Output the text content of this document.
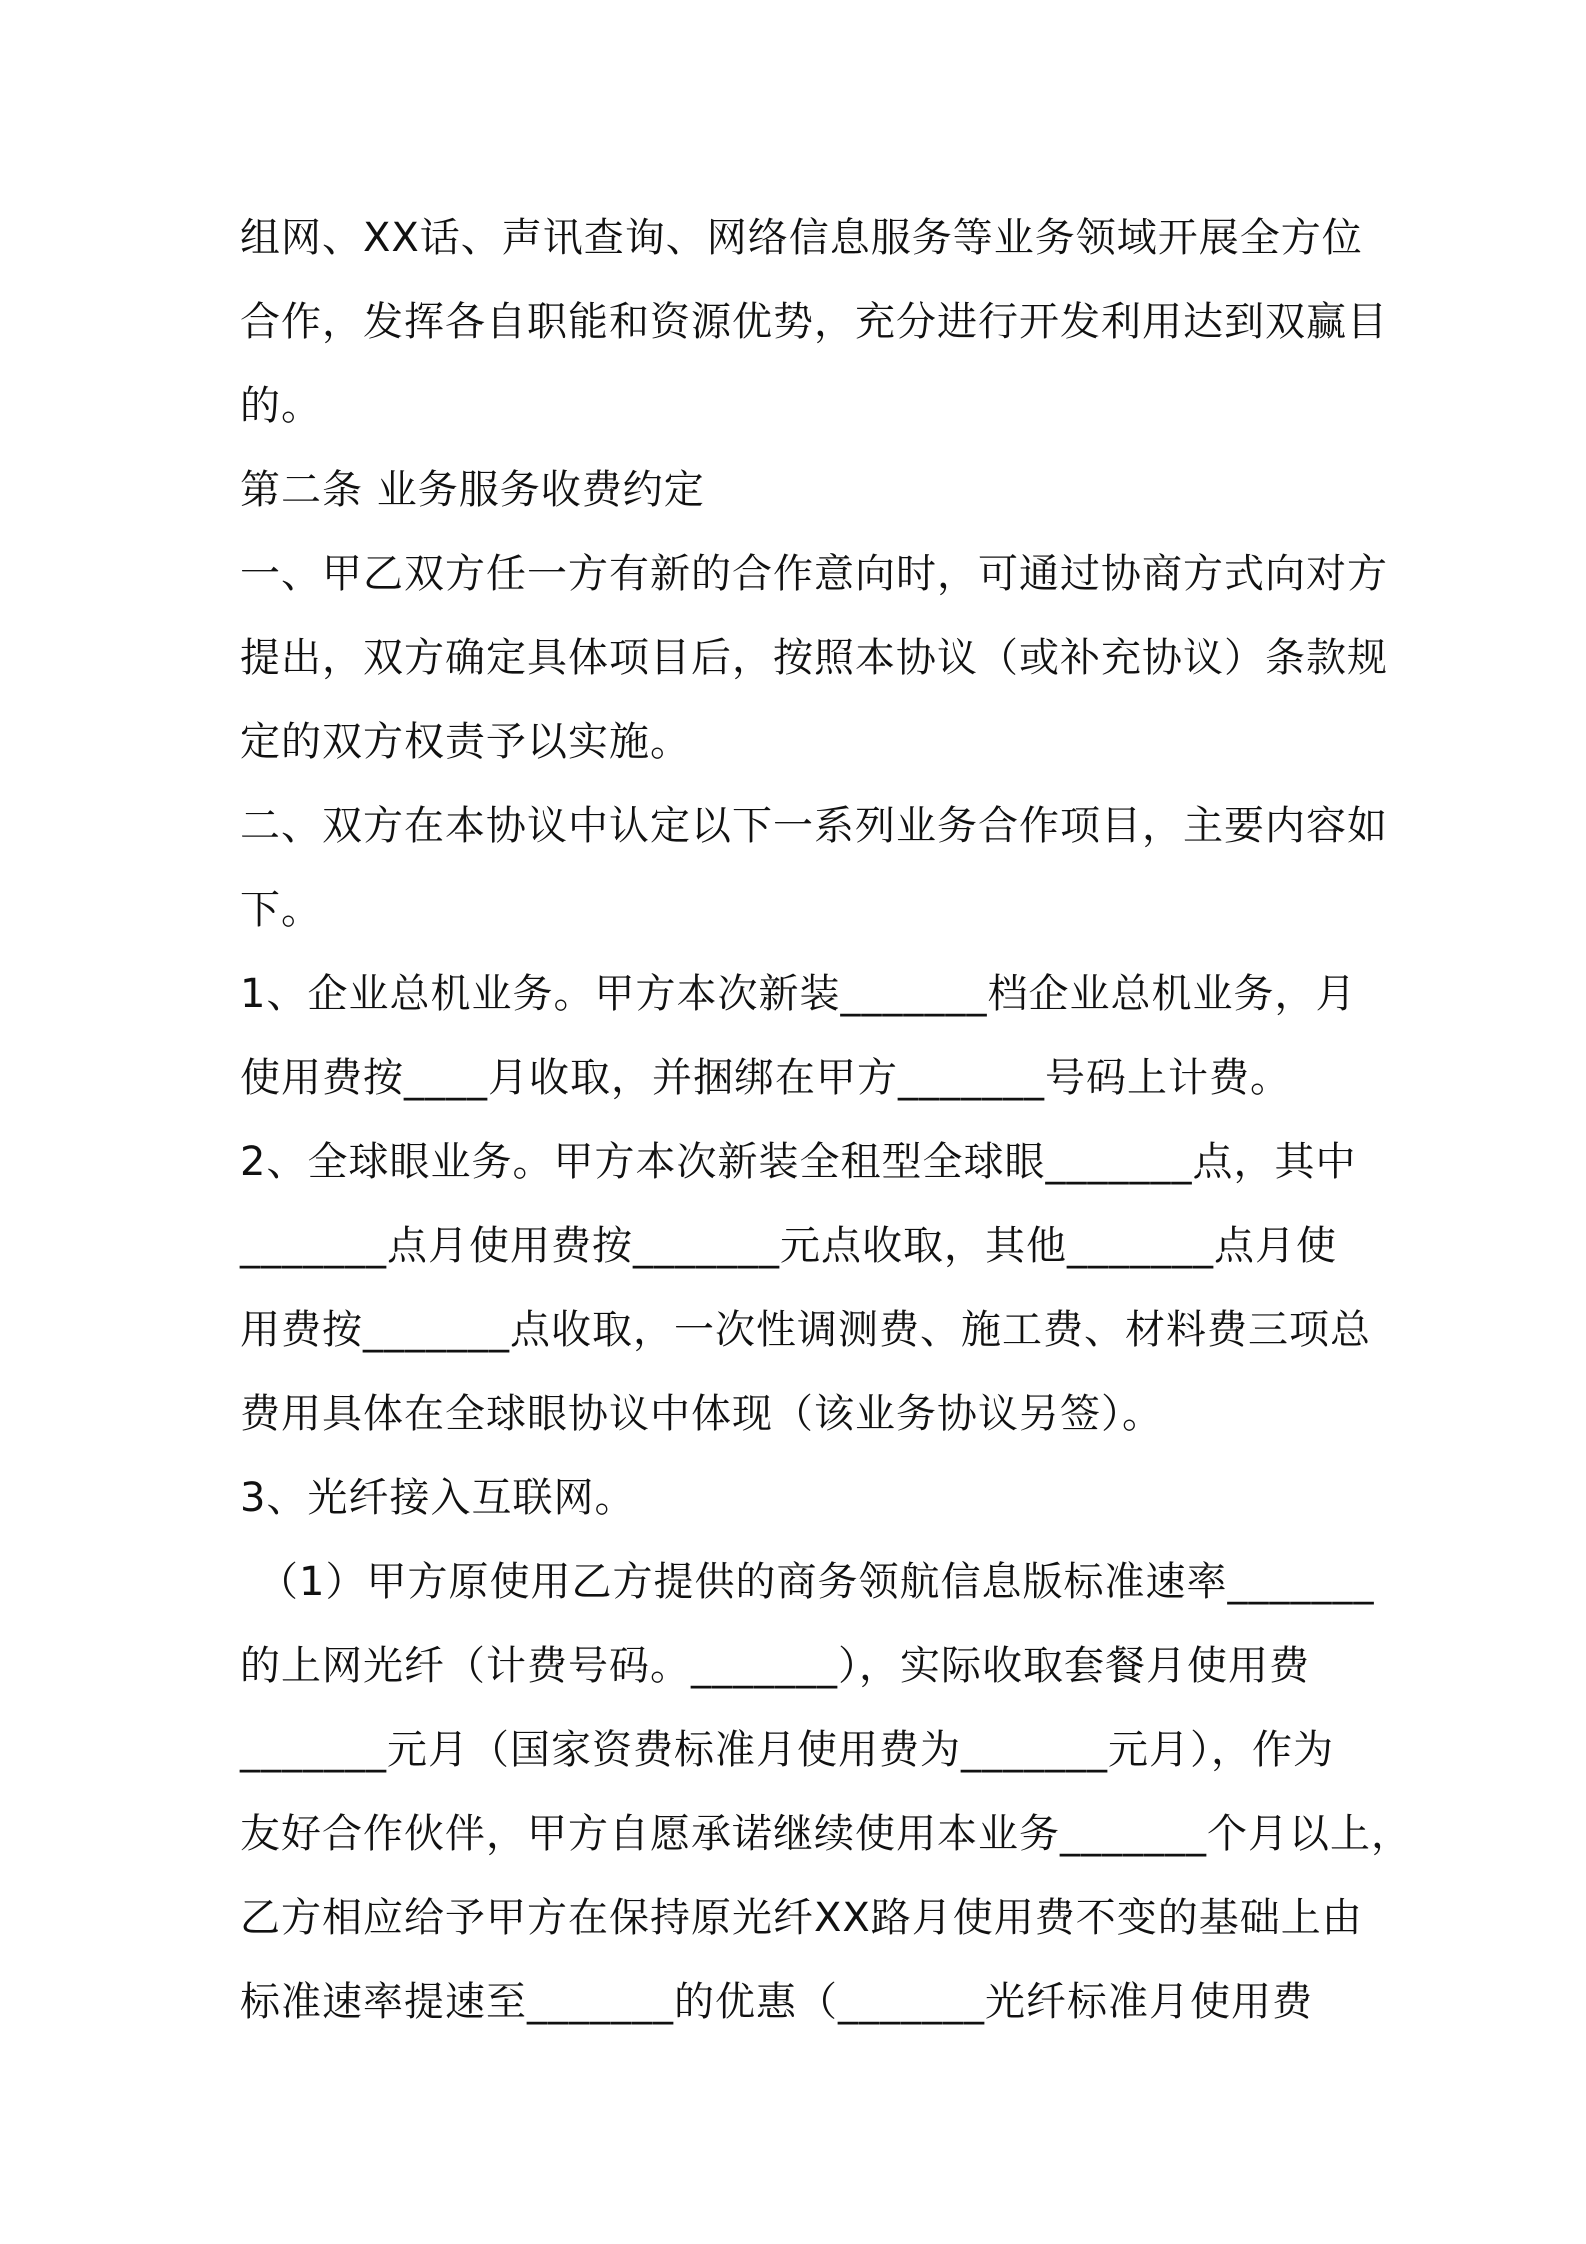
组网、XX话、声讯查询、网络信息服务等业务领域开展全方位
合作，发挥各自职能和资源优势，充分进行开发利用达到双赢目
的。
第二条 业务服务收费约定
一、甲乙双方任一方有新的合作意向时，可通过协商方式向对方
提出，双方确定具体项目后，按照本协议（或补充协议）条款规
定的双方权责予以实施。
二、双方在本协议中认定以下一系列业务合作项目，主要内容如
下。
1、企业总机业务。甲方本次新装_______档企业总机业务，月
使用费按____月收取，并捆绑在甲方_______号码上计费。
2、全球眼业务。甲方本次新装全租型全球眼_______点，其中
_______点月使用费按_______元点收取，其他_______点月使
用费按_______点收取，一次性调测费、施工费、材料费三项总
费用具体在全球眼协议中体现（该业务协议另签）。
3、光纤接入互联网。
（1）甲方原使用乙方提供的商务领航信息版标准速率_______
的上网光纤（计费号码。_______），实际收取套餐月使用费
_______元月（国家资费标准月使用费为_______元月），作为
友好合作伙伴，甲方自愿承诺继续使用本业务_______个月以上，
乙方相应给予甲方在保持原光纤XX路月使用费不变的基础上由
标准速率提速至_______的优惠（_______光纤标准月使用费
